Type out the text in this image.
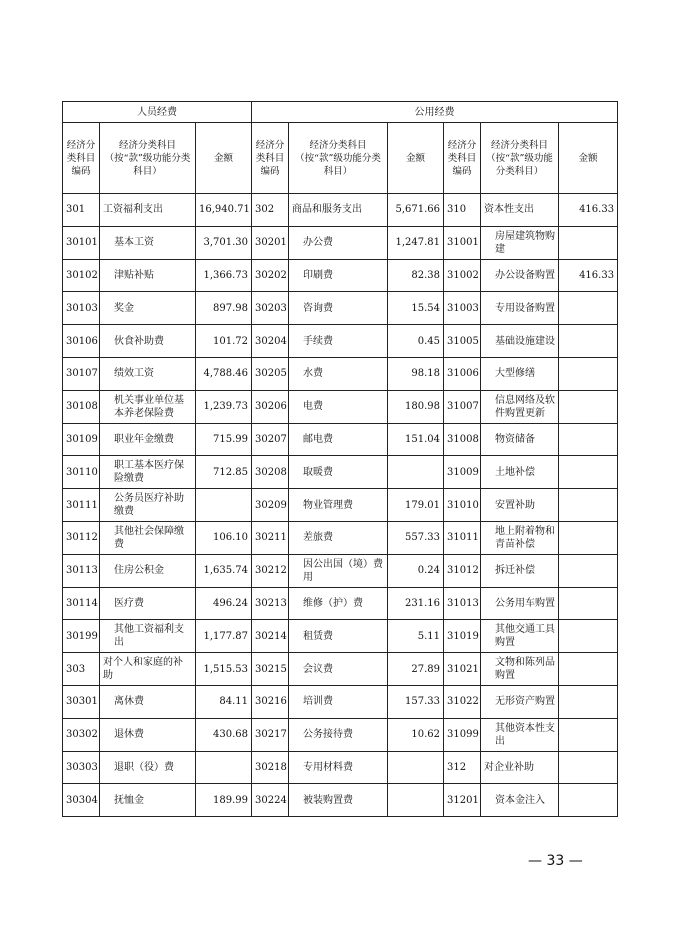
人员经费			公用经费					
经济分类科目编码	经济分类科目（按“款”级功能分类科目）	金额	经济分类科目编码	经济分类科目（按“款”级功能分类科目）	金额	经济分类科目编码	经济分类科目（按“款”级功能分类科目）	金额
301	工资福利支出	16,940.71	302	商品和服务支出	5,671.66	310	资本性支出	416.33
30101	基本工资	3,701.30	30201	办公费	1,247.81	31001	房屋建筑物购建	
30102	津贴补贴	1,366.73	30202	印刷费	82.38	31002	办公设备购置	416.33
30103	奖金	897.98	30203	咨询费	15.54	31003	专用设备购置	
30106	伙食补助费	101.72	30204	手续费	0.45	31005	基础设施建设	
30107	绩效工资	4,788.46	30205	水费	98.18	31006	大型修缮	
30108	机关事业单位基本养老保险费	1,239.73	30206	电费	180.98	31007	信息网络及软件购置更新	
30109	职业年金缴费	715.99	30207	邮电费	151.04	31008	物资储备	
30110	职工基本医疗保险缴费	712.85	30208	取暖费		31009	土地补偿	
30111	公务员医疗补助缴费		30209	物业管理费	179.01	31010	安置补助	
30112	其他社会保障缴费	106.10	30211	差旅费	557.33	31011	地上附着物和青苗补偿	
30113	住房公积金	1,635.74	30212	因公出国（境）费用	0.24	31012	拆迁补偿	
30114	医疗费	496.24	30213	维修（护）费	231.16	31013	公务用车购置	
30199	其他工资福利支出	1,177.87	30214	租赁费	5.11	31019	其他交通工具购置	
303	对个人和家庭的补助	1,515.53	30215	会议费	27.89	31021	文物和陈列品购置	
30301	离休费	84.11	30216	培训费	157.33	31022	无形资产购置	
30302	退休费	430.68	30217	公务接待费	10.62	31099	其他资本性支出	
30303	退职（役）费		30218	专用材料费		312	对企业补助	
30304	抚恤金	189.99	30224	被装购置费		31201	资本金注入	
— 33 —
